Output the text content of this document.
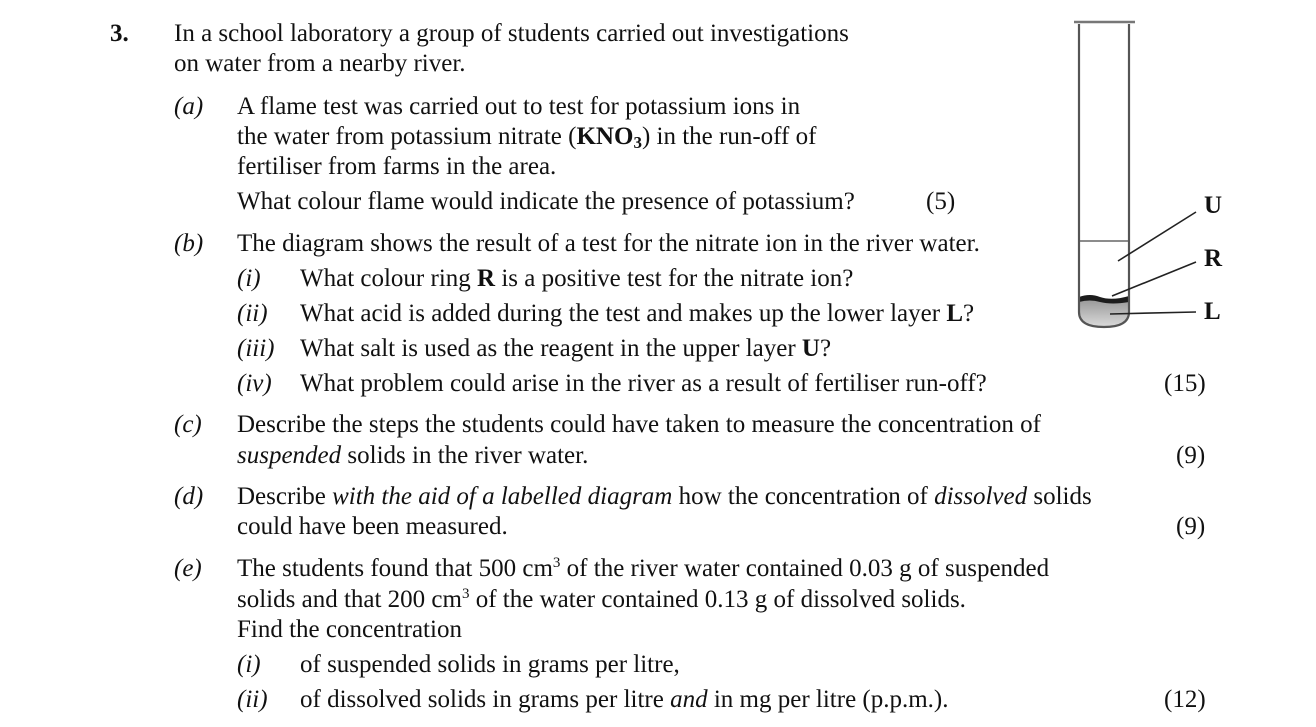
3. In a school laboratory a group of students carried out investigations
on water from a nearby river.
(a) A flame test was carried out to test for potassium ions in
the water from potassium nitrate $(KNO_3)$ in the run-off of
fertiliser from farms in the area.
What colour flame would indicate the presence of potassium?	(5)
(b) The diagram shows the result of a test for the nitrate ion in the river water.
(i) What colour ring R is a positive test for the nitrate ion?
(ii) What acid is added during the test and makes up the lower layer L?
(iii) What salt is used as the reagent in the upper layer U?
(iv) What problem could arise in the river as a result of fertiliser run-off?	(15)
(c) Describe the steps the students could have taken to measure the concentration of
suspended solids in the river water.	(9)
(d) Describe with the aid of a labelled diagram how the concentration of dissolved solids
could have been measured.	(9)
(e) The students found that 500 $cm^3$ of the river water contained 0.03 g of suspended
solids and that 200 $cm^3$ of the water contained 0.13 g of dissolved solids.
Find the concentration
(i) of suspended solids in grams per litre,
(ii) of dissolved solids in grams per litre and in mg per litre (p.p.m.).	(12)
U
R
L
